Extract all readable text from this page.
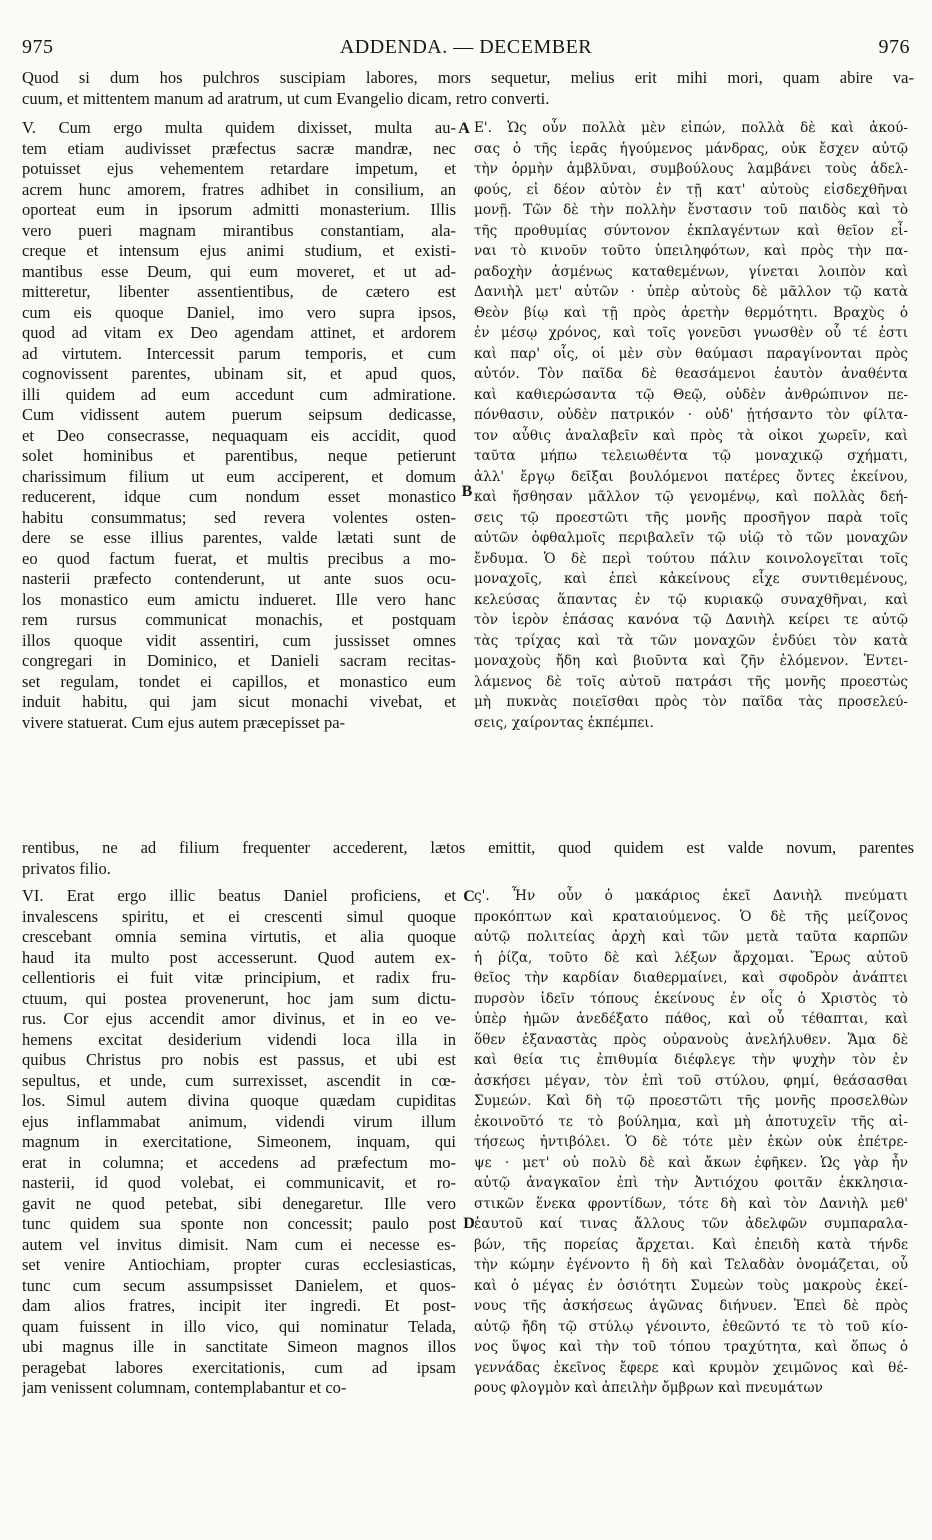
ADDENDA. — DECEMBER
975	976
Quod si dum hos pulchros suscipiam labores, mors sequetur, melius erit mihi mori, quam abire va-
cuum, et mittentem manum ad aratrum, ut cum Evangelio dicam, retro converti.
V. Cum ergo multa quidem dixisset, multa au-
tem etiam audivisset præfectus sacræ mandræ, nec
potuisset ejus vehementem retardare impetum, et
acrem hunc amorem, fratres adhibet in consilium, an
oporteat eum in ipsorum admitti monasterium. Illis
vero pueri magnam mirantibus constantiam, ala-
creque et intensum ejus animi studium, et existi-
mantibus esse Deum, qui eum moveret, et ut ad-
mitteretur, libenter assentientibus, de cætero est
cum eis quoque Daniel, imo vero supra ipsos,
quod ad vitam ex Deo agendam attinet, et ardorem
ad virtutem. Intercessit parum temporis, et cum
cognovissent parentes, ubinam sit, et apud quos,
illi quidem ad eum accedunt cum admiratione.
Cum vidissent autem puerum seipsum dedicasse,
et Deo consecrasse, nequaquam eis accidit, quod
solet hominibus et parentibus, neque petierunt
charissimum filium ut eum acciperent, et domum
reducerent, idque cum nondum esset monastico
habitu consummatus; sed revera volentes osten-
dere se esse illius parentes, valde lætati sunt de
eo quod factum fuerat, et multis precibus a mo-
nasterii præfecto contenderunt, ut ante suos ocu-
los monastico eum amictu indueret. Ille vero hanc
rem rursus communicat monachis, et postquam
illos quoque vidit assentiri, cum jussisset omnes
congregari in Dominico, et Danieli sacram recitas-
set regulam, tondet ei capillos, et monastico eum
induit habitu, qui jam sicut monachi vivebat, et
vivere statuerat. Cum ejus autem præcepisset pa-
Ε'. Ὡς οὖν πολλὰ μὲν εἰπών, πολλὰ δὲ καὶ ἀκού-
σας ὁ τῆς ἱερᾶς ἡγούμενος μάνδρας, οὐκ ἔσχεν αὐτῷ
τὴν ὁρμὴν ἀμβλῦναι, συμβούλους λαμβάνει τοὺς ἀδελ-
φούς, εἰ δέον αὐτὸν ἐν τῇ κατ' αὐτοὺς εἰσδεχθῆναι
μονῇ. Τῶν δὲ τὴν πολλὴν ἔνστασιν τοῦ παιδὸς καὶ τὸ
τῆς προθυμίας σύντονον ἐκπλαγέντων καὶ θεῖον εἶ-
ναι τὸ κινοῦν τοῦτο ὑπειληφότων, καὶ πρὸς τὴν πα-
ραδοχὴν ἀσμένως καταθεμένων, γίνεται λοιπὸν καὶ
Δανιὴλ μετ' αὐτῶν · ὑπὲρ αὐτοὺς δὲ μᾶλλον τῷ κατὰ
Θεὸν βίῳ καὶ τῇ πρὸς ἀρετὴν θερμότητι. Βραχὺς ὁ
ἐν μέσῳ χρόνος, καὶ τοῖς γονεῦσι γνωσθὲν οὗ τέ ἐστι
καὶ παρ' οἷς, οἱ μὲν σὺν θαύμασι παραγίνονται πρὸς
αὐτόν. Τὸν παῖδα δὲ θεασάμενοι ἑαυτὸν ἀναθέντα
καὶ καθιερώσαντα τῷ Θεῷ, οὐδὲν ἀνθρώπινον πε-
πόνθασιν, οὐδὲν πατρικόν · οὐδ' ᾐτήσαντο τὸν φίλτα-
τον αὖθις ἀναλαβεῖν καὶ πρὸς τὰ οἰκοι χωρεῖν, καὶ
ταῦτα μήπω τελειωθέντα τῷ μοναχικῷ σχήματι,
ἀλλ' ἔργῳ δεῖξαι βουλόμενοι πατέρες ὄντες ἐκείνου,
καὶ ἥσθησαν μᾶλλον τῷ γενομένῳ, καὶ πολλὰς δεή-
σεις τῷ προεστῶτι τῆς μονῆς προσῆγον παρὰ τοῖς
αὐτῶν ὀφθαλμοῖς περιβαλεῖν τῷ υἱῷ τὸ τῶν μοναχῶν
ἔνδυμα. Ὁ δὲ περὶ τούτου πάλιν κοινολογεῖται τοῖς
μοναχοῖς, καὶ ἐπεὶ κἀκείνους εἶχε συντιθεμένους,
κελεύσας ἅπαντας ἐν τῷ κυριακῷ συναχθῆναι, καὶ
τὸν ἱερὸν ἐπάσας κανόνα τῷ Δανιὴλ κείρει τε αὐτῷ
τὰς τρίχας καὶ τὰ τῶν μοναχῶν ἐνδύει τὸν κατὰ
μοναχοὺς ἤδη καὶ βιοῦντα καὶ ζῆν ἑλόμενον. Ἐντει-
λάμενος δὲ τοῖς αὐτοῦ πατράσι τῆς μονῆς προεστὼς
μὴ πυκνὰς ποιεῖσθαι πρὸς τὸν παῖδα τὰς προσελεύ-
σεις, χαίροντας ἐκπέμπει.
A
B
rentibus, ne ad filium frequenter accederent, lætos emittit, quod quidem est valde novum, parentes
privatos filio.
VI. Erat ergo illic beatus Daniel proficiens, et
invalescens spiritu, et ei crescenti simul quoque
crescebant omnia semina virtutis, et alia quoque
haud ita multo post accesserunt. Quod autem ex-
cellentioris ei fuit vitæ principium, et radix fru-
ctuum, qui postea provenerunt, hoc jam sum dictu-
rus. Cor ejus accendit amor divinus, et in eo ve-
hemens excitat desiderium videndi loca illa in
quibus Christus pro nobis est passus, et ubi est
sepultus, et unde, cum surrexisset, ascendit in cœ-
los. Simul autem divina quoque quædam cupiditas
ejus inflammabat animum, videndi virum illum
magnum in exercitatione, Simeonem, inquam, qui
erat in columna; et accedens ad præfectum mo-
nasterii, id quod volebat, ei communicavit, et ro-
gavit ne quod petebat, sibi denegaretur. Ille vero
tunc quidem sua sponte non concessit; paulo post
autem vel invitus dimisit. Nam cum ei necesse es-
set venire Antiochiam, propter curas ecclesiasticas,
tunc cum secum assumpsisset Danielem, et quos-
dam alios fratres, incipit iter ingredi. Et post-
quam fuissent in illo vico, qui nominatur Telada,
ubi magnus ille in sanctitate Simeon magnos illos
peragebat labores exercitationis, cum ad ipsam
jam venissent columnam, contemplabantur et co-
ς'. Ἦν οὖν ὁ μακάριος ἐκεῖ Δανιὴλ πνεύματι
προκόπτων καὶ κραταιούμενος. Ὁ δὲ τῆς μείζονος
αὐτῷ πολιτείας ἀρχὴ καὶ τῶν μετὰ ταῦτα καρπῶν
ἡ ῥίζα, τοῦτο δὲ καὶ λέξων ἄρχομαι. Ἔρως αὐτοῦ
θεῖος τὴν καρδίαν διαθερμαίνει, καὶ σφοδρὸν ἀνάπτει
πυρσὸν ἰδεῖν τόπους ἐκείνους ἐν οἷς ὁ Χριστὸς τὸ
ὑπὲρ ἡμῶν ἀνεδέξατο πάθος, καὶ οὗ τέθαπται, καὶ
ὅθεν ἐξαναστὰς πρὸς οὐρανοὺς ἀνελήλυθεν. Ἅμα δὲ
καὶ θεία τις ἐπιθυμία διέφλεγε τὴν ψυχὴν τὸν ἐν
ἀσκήσει μέγαν, τὸν ἐπὶ τοῦ στύλου, φημί, θεάσασθαι
Συμεών. Καὶ δὴ τῷ προεστῶτι τῆς μονῆς προσελθὼν
ἐκοινοῦτό τε τὸ βούλημα, καὶ μὴ ἀποτυχεῖν τῆς αἰ-
τήσεως ἠντιβόλει. Ὁ δὲ τότε μὲν ἑκὼν οὐκ ἐπέτρε-
ψε · μετ' οὐ πολὺ δὲ καὶ ἄκων ἐφῆκεν. Ὡς γὰρ ἦν
αὐτῷ ἀναγκαῖον ἐπὶ τὴν Ἀντιόχου φοιτᾶν ἐκκλησια-
στικῶν ἕνεκα φροντίδων, τότε δὴ καὶ τὸν Δανιὴλ μεθ'
ἑαυτοῦ καί τινας ἄλλους τῶν ἀδελφῶν συμπαραλα-
βών, τῆς πορείας ἄρχεται. Καὶ ἐπειδὴ κατὰ τήνδε
τὴν κώμην ἐγένοντο ἣ δὴ καὶ Τελαδὰν ὀνομάζεται, οὗ
καὶ ὁ μέγας ἐν ὁσιότητι Συμεὼν τοὺς μακροὺς ἐκεί-
νους τῆς ἀσκήσεως ἀγῶνας διήνυεν. Ἐπεὶ δὲ πρὸς
αὐτῷ ἤδη τῷ στύλῳ γένοιντο, ἐθεῶντό τε τὸ τοῦ κίο-
νος ὕψος καὶ τὴν τοῦ τόπου τραχύτητα, καὶ ὅπως ὁ
γεννάδας ἐκεῖνος ἔφερε καὶ κρυμὸν χειμῶνος καὶ θέ-
ρους φλογμὸν καὶ ἀπειλὴν ὄμβρων καὶ πνευμάτων
C
D
